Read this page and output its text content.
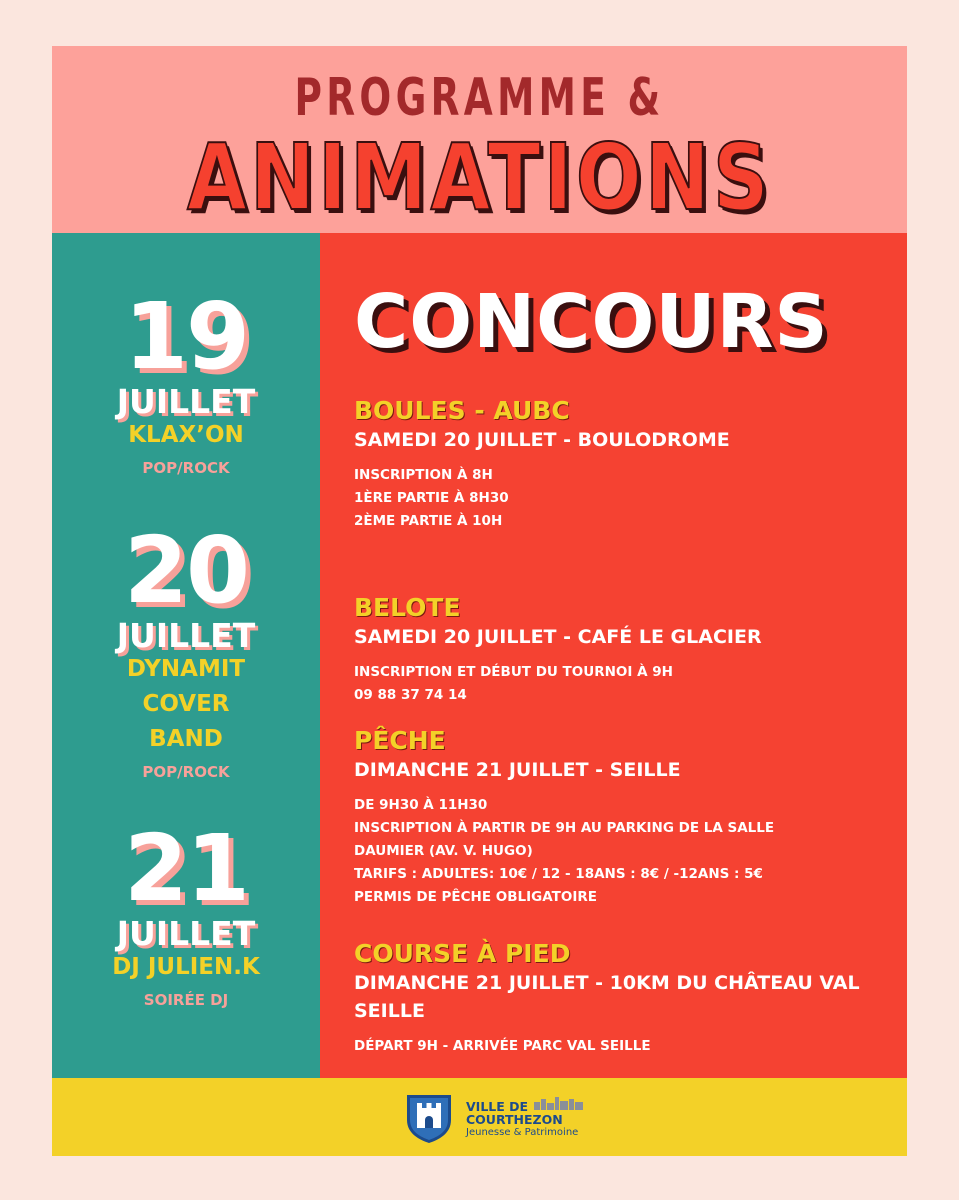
PROGRAMME &
ANIMATIONS
19
JUILLET
KLAX’ON
POP/ROCK
20
JUILLET
DYNAMIT
COVER
BAND
POP/ROCK
21
JUILLET
DJ JULIEN.K
SOIRÉE DJ
CONCOURS
BOULES - AUBC
SAMEDI 20 JUILLET - BOULODROME
INSCRIPTION À 8H
1ÈRE PARTIE À 8H30
2ÈME PARTIE À 10H
BELOTE
SAMEDI 20 JUILLET - CAFÉ LE GLACIER
INSCRIPTION ET DÉBUT DU TOURNOI À 9H
09 88 37 74 14
PÊCHE
DIMANCHE 21 JUILLET - SEILLE
DE 9H30 À 11H30
INSCRIPTION À PARTIR DE 9H AU PARKING DE LA SALLE
DAUMIER (AV. V. HUGO)
TARIFS : ADULTES: 10€ / 12 - 18ANS : 8€ / -12ANS : 5€
PERMIS DE PÊCHE OBLIGATOIRE
COURSE À PIED
DIMANCHE 21 JUILLET - 10KM DU CHÂTEAU VAL
SEILLE
DÉPART 9H - ARRIVÉE PARC VAL SEILLE
VILLE DE
COURTHEZON
Jeunesse & Patrimoine
